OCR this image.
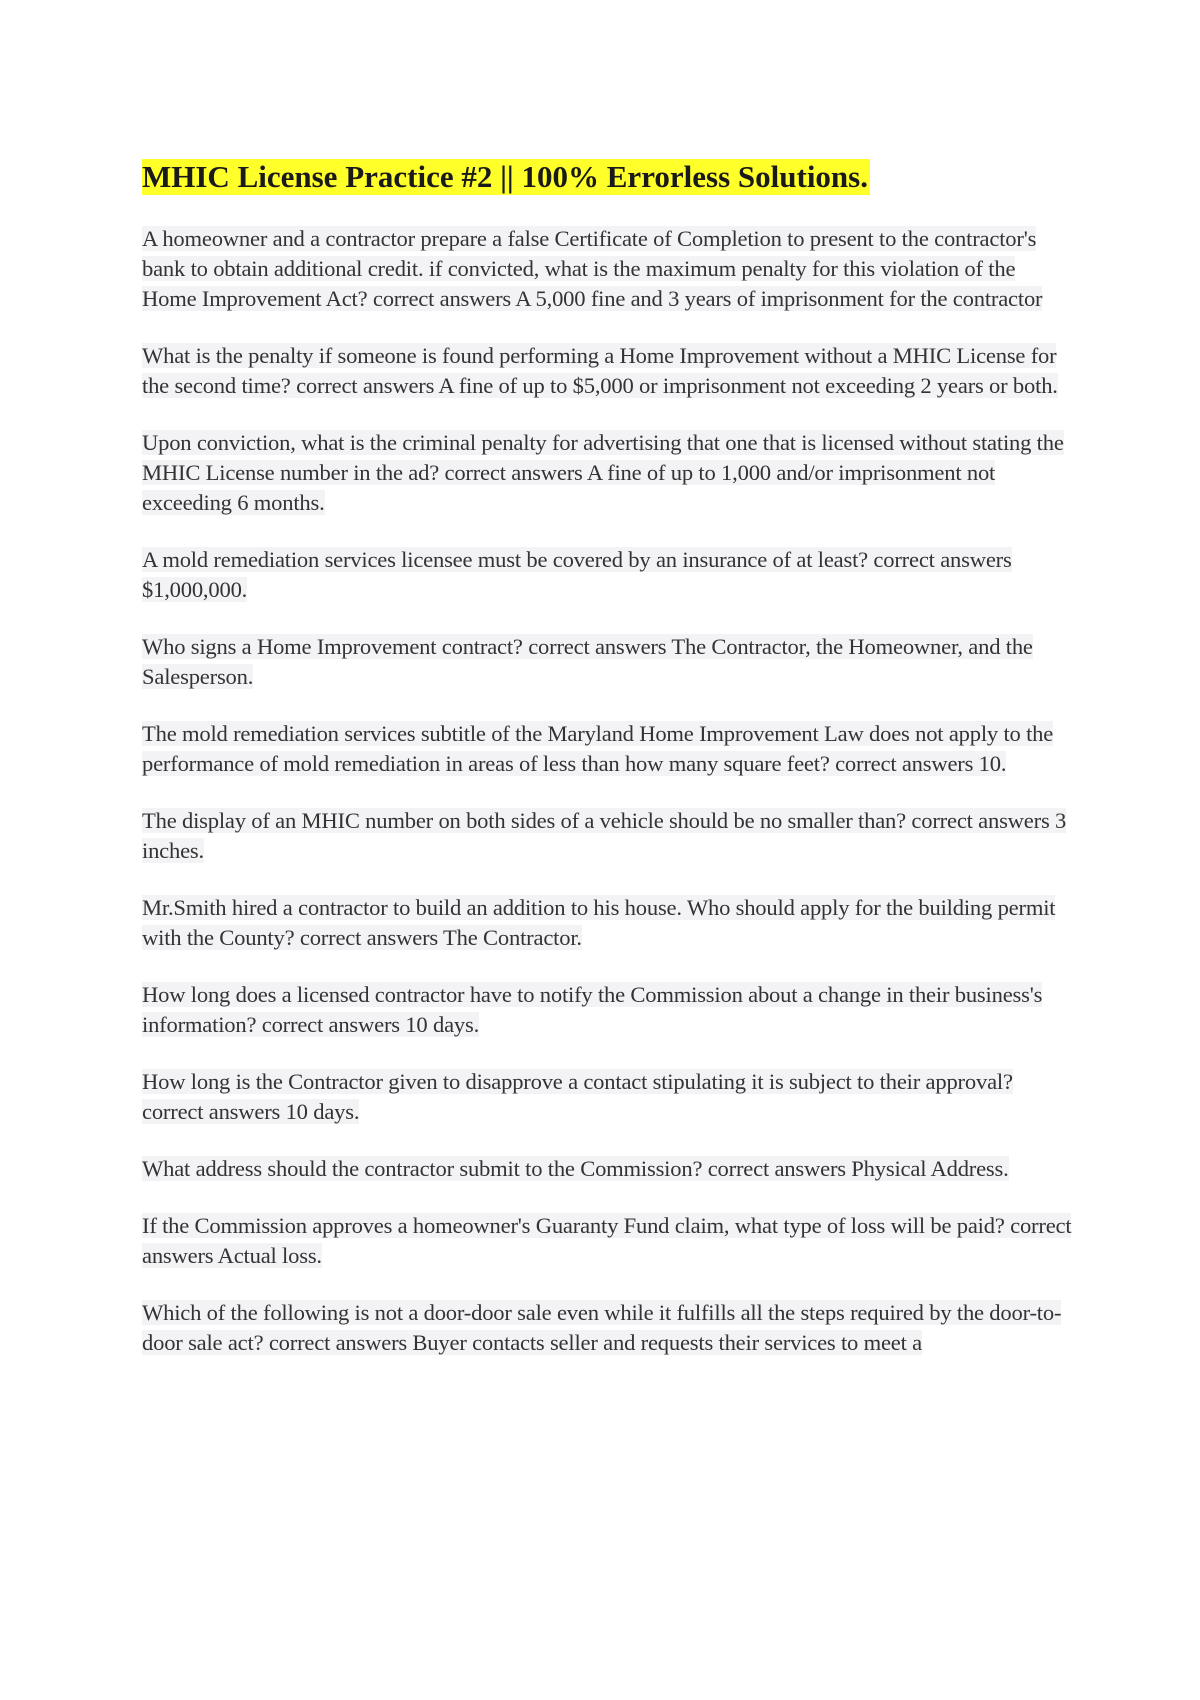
MHIC License Practice #2 || 100% Errorless Solutions.

A homeowner and a contractor prepare a false Certificate of Completion to present to the contractor's bank to obtain additional credit. if convicted, what is the maximum penalty for this violation of the Home Improvement Act? correct answers A 5,000 fine and 3 years of imprisonment for the contractor

What is the penalty if someone is found performing a Home Improvement without a MHIC License for the second time? correct answers A fine of up to $5,000 or imprisonment not exceeding 2 years or both.

Upon conviction, what is the criminal penalty for advertising that one that is licensed without stating the MHIC License number in the ad? correct answers A fine of up to 1,000 and/or imprisonment not exceeding 6 months.

A mold remediation services licensee must be covered by an insurance of at least? correct answers $1,000,000.

Who signs a Home Improvement contract? correct answers The Contractor, the Homeowner, and the Salesperson.

The mold remediation services subtitle of the Maryland Home Improvement Law does not apply to the performance of mold remediation in areas of less than how many square feet? correct answers 10.

The display of an MHIC number on both sides of a vehicle should be no smaller than? correct answers 3 inches.

Mr.Smith hired a contractor to build an addition to his house. Who should apply for the building permit with the County? correct answers The Contractor.

How long does a licensed contractor have to notify the Commission about a change in their business's information? correct answers 10 days.

How long is the Contractor given to disapprove a contact stipulating it is subject to their approval? correct answers 10 days.

What address should the contractor submit to the Commission? correct answers Physical Address.

If the Commission approves a homeowner's Guaranty Fund claim, what type of loss will be paid? correct answers Actual loss.

Which of the following is not a door-door sale even while it fulfills all the steps required by the door-to-door sale act? correct answers Buyer contacts seller and requests their services to meet a
